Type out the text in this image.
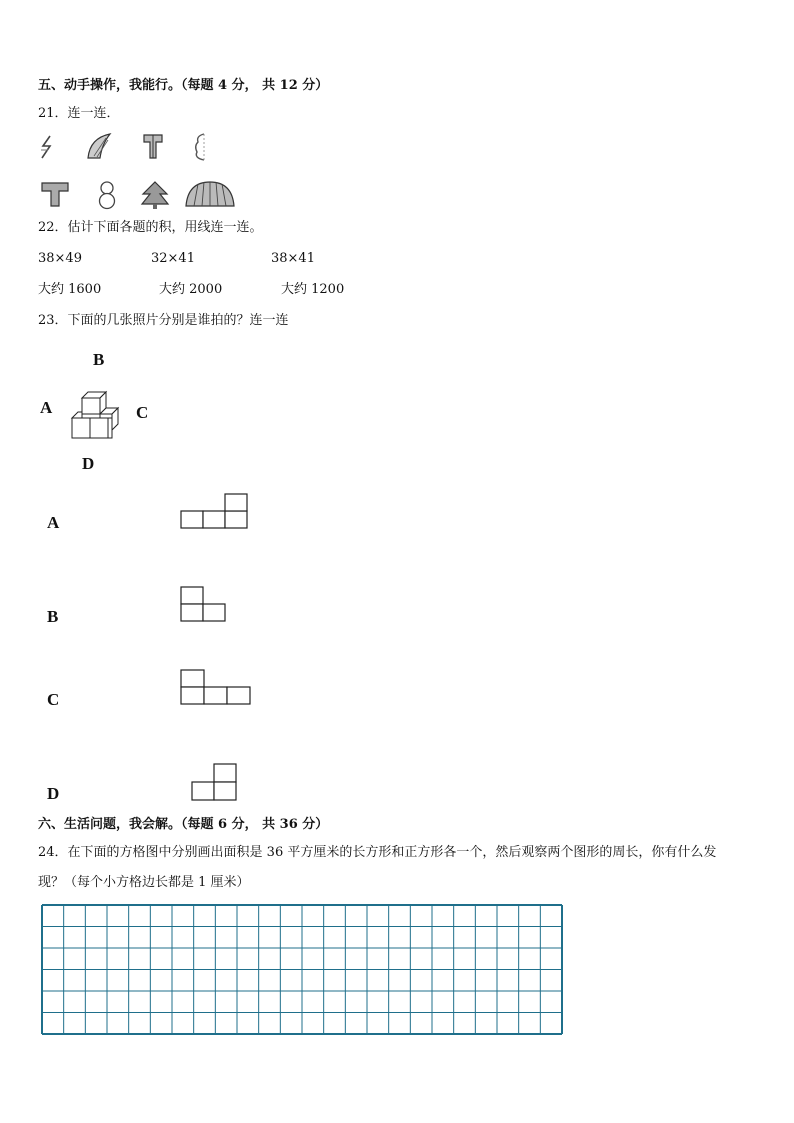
五、动手操作，我能行。（每题 4 分， 共 12 分）
21．连一连．
22．估计下面各题的积，用线连一连。
38×49	32×41	38×41
大约 1600	大约 2000	大约 1200
23．下面的几张照片分别是谁拍的？连一连
B
A	C
D
A
B
C
D
六、生活问题，我会解。（每题 6 分， 共 36 分）
24．在下面的方格图中分别画出面积是 36 平方厘米的长方形和正方形各一个，然后观察两个图形的周长，你有什么发
现？（每个小方格边长都是 1 厘米）
